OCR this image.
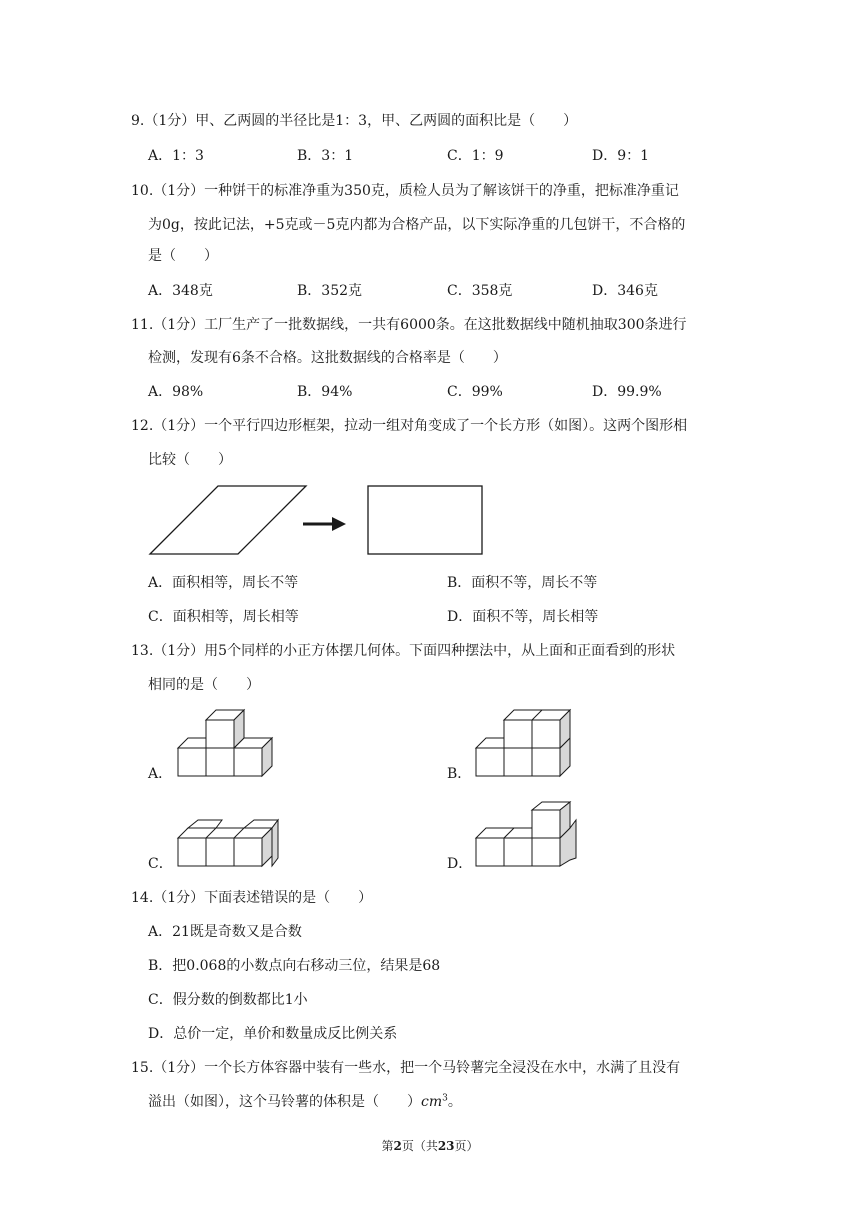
9.（1分）甲、乙两圆的半径比是1：3，甲、乙两圆的面积比是（　　）
A．1：3	B．3：1	C．1：9	D．9：1
10.（1分）一种饼干的标准净重为350克，质检人员为了解该饼干的净重，把标准净重记
为0g，按此记法，+5克或－5克内都为合格产品，以下实际净重的几包饼干，不合格的
是（　　）
A．348克	B．352克	C．358克	D．346克
11.（1分）工厂生产了一批数据线，一共有6000条。在这批数据线中随机抽取300条进行
检测，发现有6条不合格。这批数据线的合格率是（　　）
A．98%	B．94%	C．99%	D．99.9%
12.（1分）一个平行四边形框架，拉动一组对角变成了一个长方形（如图）。这两个图形相
比较（　　）
A．面积相等，周长不等	B．面积不等，周长不等
C．面积相等，周长相等	D．面积不等，周长相等
13.（1分）用5个同样的小正方体摆几何体。下面四种摆法中，从上面和正面看到的形状
相同的是（　　）
A．	B．
C．	D．
14.（1分）下面表述错误的是（　　）
A．21既是奇数又是合数
B．把0.068的小数点向右移动三位，结果是68
C．假分数的倒数都比1小
D．总价一定，单价和数量成反比例关系
15.（1分）一个长方体容器中装有一些水，把一个马铃薯完全浸没在水中，水满了且没有
溢出（如图），这个马铃薯的体积是（　　）$cm^3$。
第2页（共23页）
